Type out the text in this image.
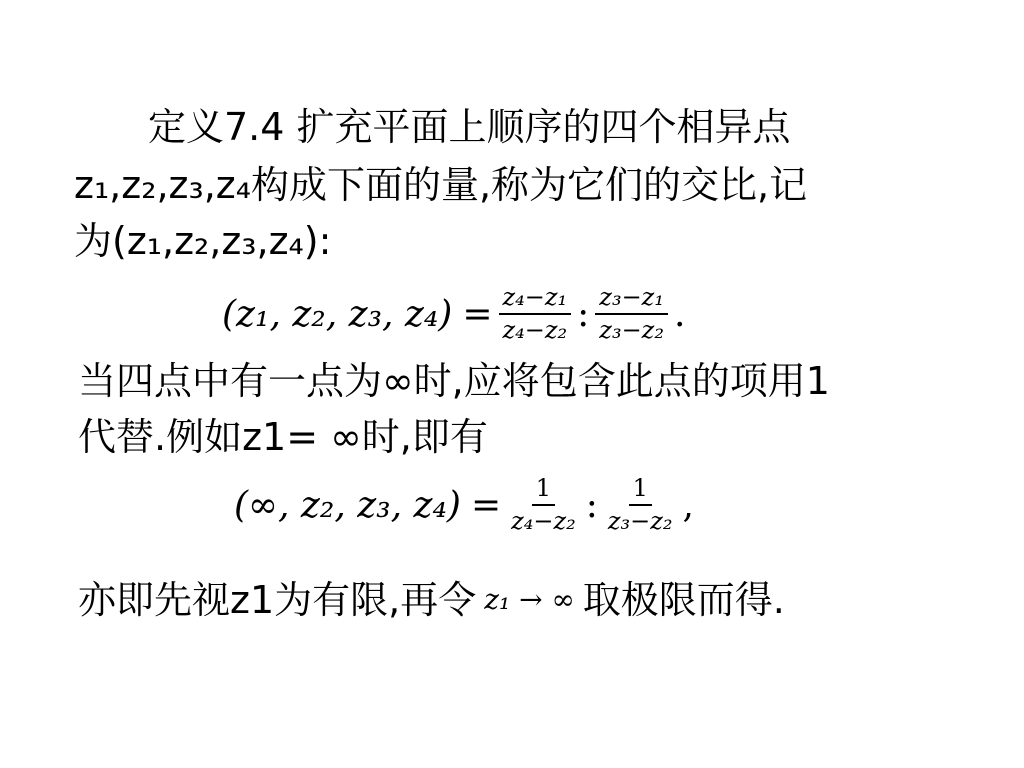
定义7.4 扩充平面上顺序的四个相异点
z₁,z₂,z₃,z₄构成下面的量,称为它们的交比,记
为(z₁,z₂,z₃,z₄):
(z₁, z₂, z₃, $z_4) = \frac{\text{z₄−z₁}}{\text{z₄−z₂}}$ : $\frac{\text{z₃−z₁}}{\text{z₃−z₂}}$ .
当四点中有一点为∞时,应将包含此点的项用1
代替.例如z1= ∞时,即有
(∞, z₂, z₃, $z_4) = \frac{1}{\text{z₄−z₂}}$ : $\frac{1}{\text{z₃−z₂}}$ ,
亦即先视z1为有限,再令 z₁ → ∞ 取极限而得.
